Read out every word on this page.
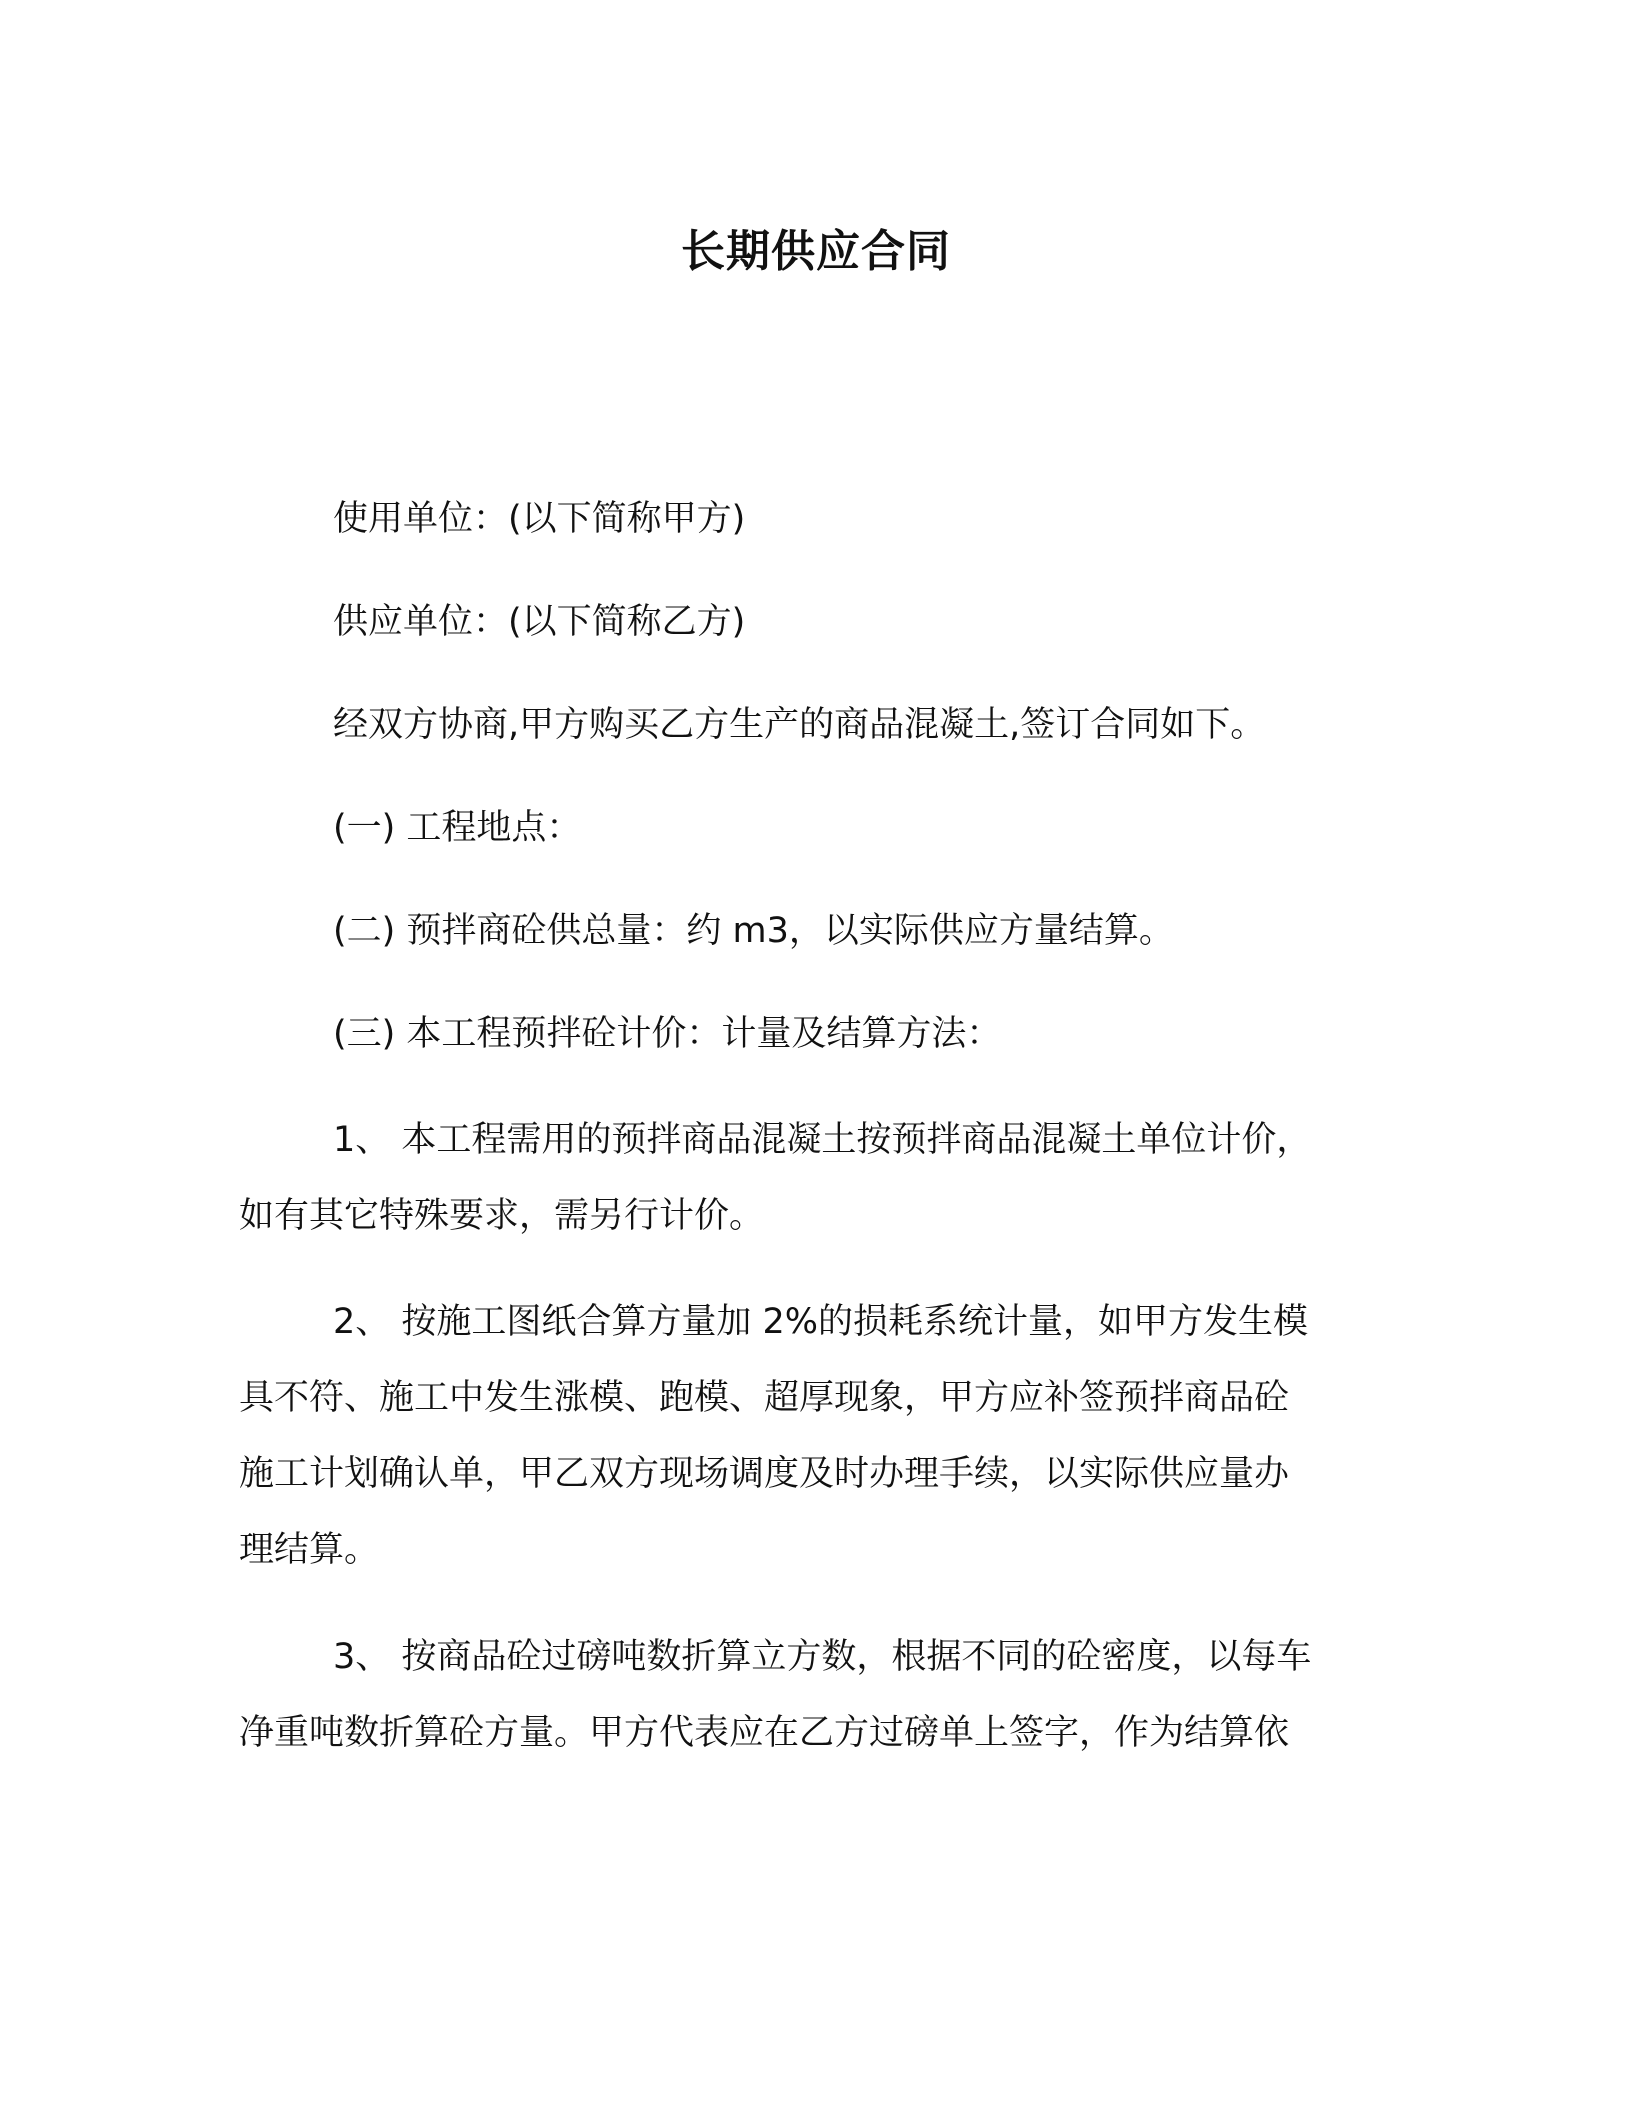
长期供应合同
使用单位：(以下简称甲方)
供应单位：(以下简称乙方)
经双方协商,甲方购买乙方生产的商品混凝土,签订合同如下。
(一) 工程地点：
(二) 预拌商砼供总量：约 m3，以实际供应方量结算。
(三) 本工程预拌砼计价：计量及结算方法：
1、 本工程需用的预拌商品混凝土按预拌商品混凝土单位计价，
如有其它特殊要求，需另行计价。
2、 按施工图纸合算方量加 2%的损耗系统计量，如甲方发生模
具不符、施工中发生涨模、跑模、超厚现象，甲方应补签预拌商品砼
施工计划确认单，甲乙双方现场调度及时办理手续，以实际供应量办
理结算。
3、 按商品砼过磅吨数折算立方数，根据不同的砼密度，以每车
净重吨数折算砼方量。甲方代表应在乙方过磅单上签字，作为结算依
